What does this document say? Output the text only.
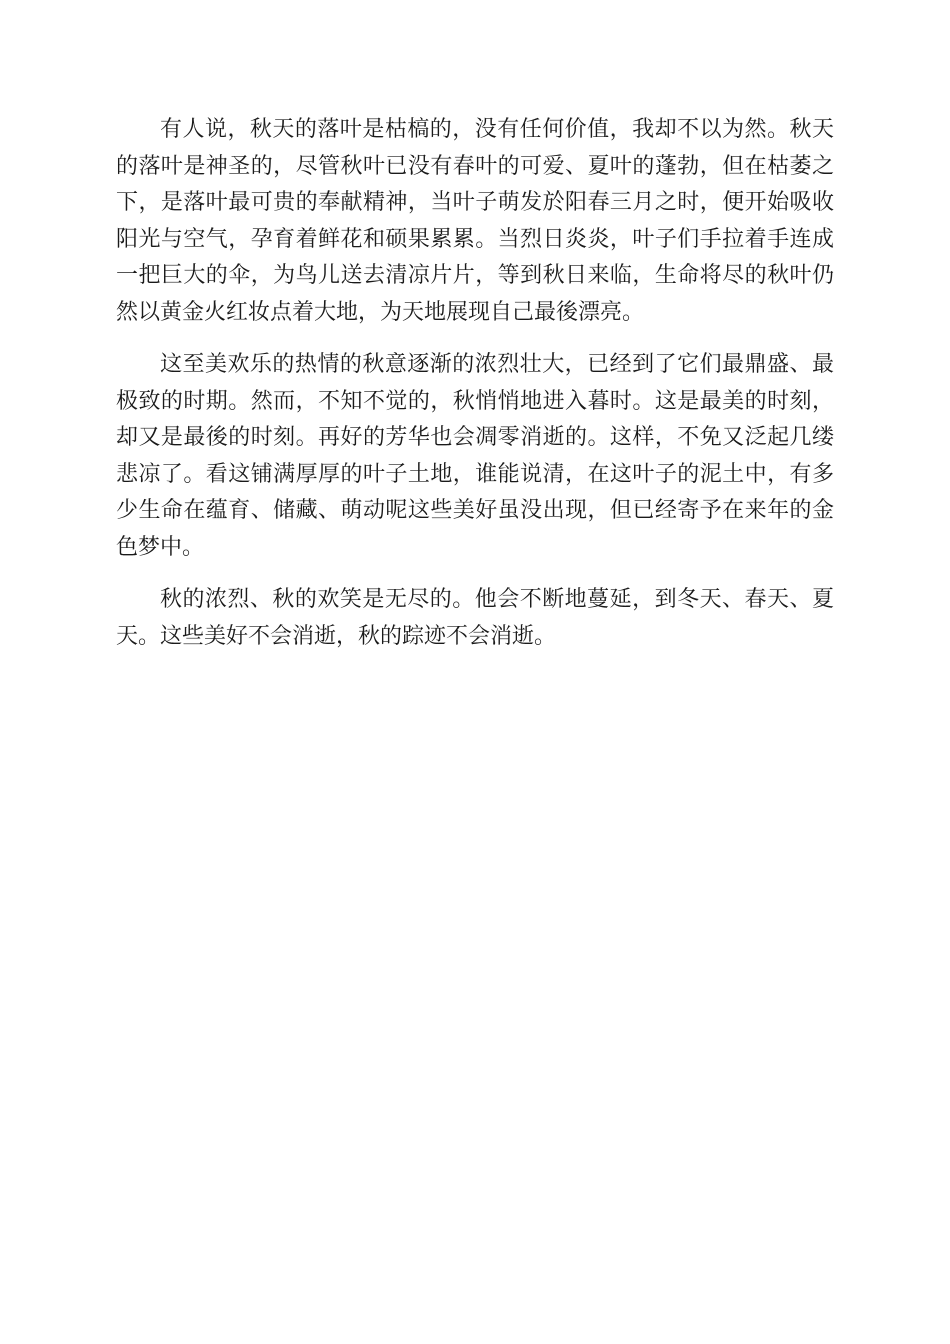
有人说，秋天的落叶是枯槁的，没有任何价值，我却不以为然。秋天的落叶是神圣的，尽管秋叶已没有春叶的可爱、夏叶的蓬勃，但在枯萎之下，是落叶最可贵的奉献精神，当叶子萌发於阳春三月之时，便开始吸收阳光与空气，孕育着鲜花和硕果累累。当烈日炎炎，叶子们手拉着手连成一把巨大的伞，为鸟儿送去清凉片片，等到秋日来临，生命将尽的秋叶仍然以黄金火红妆点着大地，为天地展现自己最後漂亮。

这至美欢乐的热情的秋意逐渐的浓烈壮大，已经到了它们最鼎盛、最极致的时期。然而，不知不觉的，秋悄悄地进入暮时。这是最美的时刻，却又是最後的时刻。再好的芳华也会凋零消逝的。这样，不免又泛起几缕悲凉了。看这铺满厚厚的叶子土地，谁能说清，在这叶子的泥土中，有多少生命在蕴育、储藏、萌动呢这些美好虽没出现，但已经寄予在来年的金色梦中。

秋的浓烈、秋的欢笑是无尽的。他会不断地蔓延，到冬天、春天、夏天。这些美好不会消逝，秋的踪迹不会消逝。
